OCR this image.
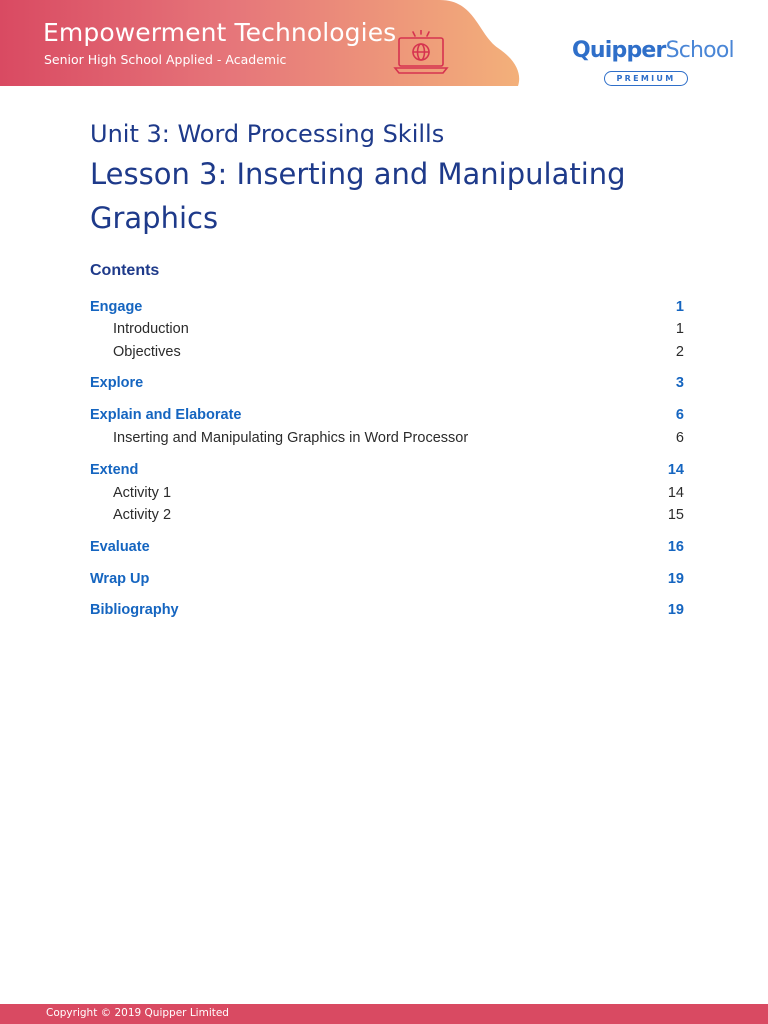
Empowerment Technologies
Senior High School Applied - Academic	QuipperSchool
PREMIUM
Unit 3: Word Processing Skills
Lesson 3: Inserting and Manipulating Graphics
Contents
Engage	1
Introduction	1
Objectives	2
Explore	3
Explain and Elaborate	6
Inserting and Manipulating Graphics in Word Processor	6
Extend	14
Activity 1	14
Activity 2	15
Evaluate	16
Wrap Up	19
Bibliography	19
Copyright © 2019 Quipper Limited
